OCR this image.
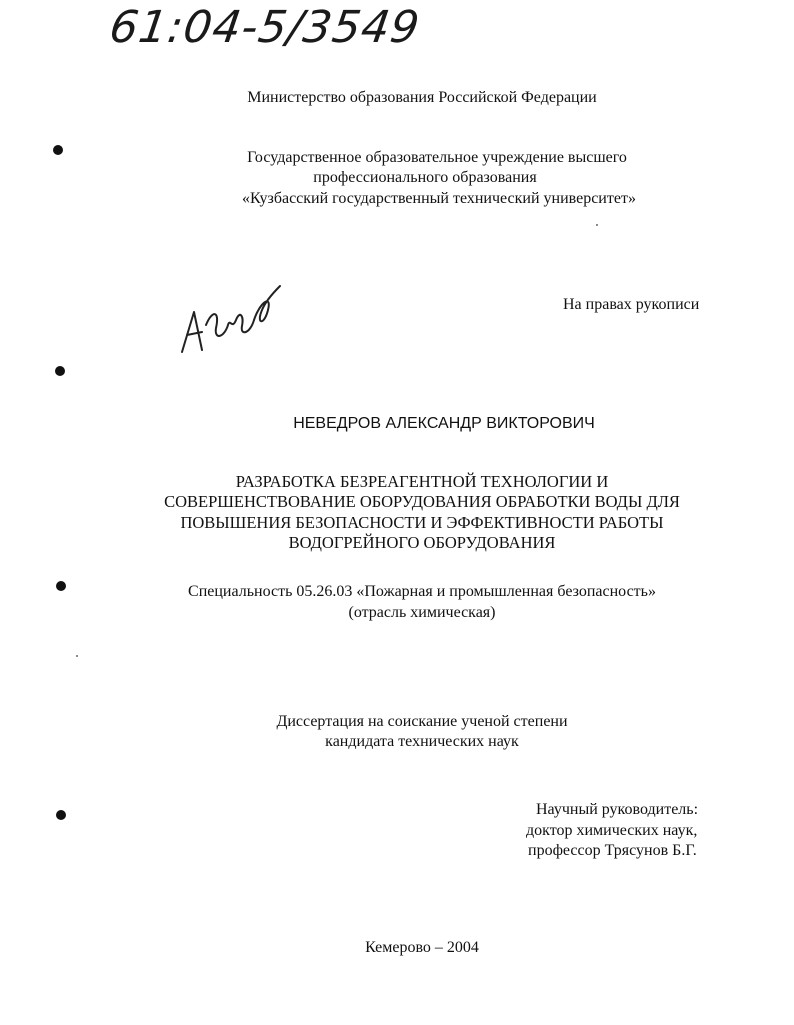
61:04-5/3549
Министерство образования Российской Федерации
Государственное образовательное учреждение высшего
профессионального образования
«Кузбасский государственный технический университет»
На правах рукописи
НЕВЕДРОВ АЛЕКСАНДР ВИКТОРОВИЧ
РАЗРАБОТКА БЕЗРЕАГЕНТНОЙ ТЕХНОЛОГИИ И
СОВЕРШЕНСТВОВАНИЕ ОБОРУДОВАНИЯ ОБРАБОТКИ ВОДЫ ДЛЯ
ПОВЫШЕНИЯ БЕЗОПАСНОСТИ И ЭФФЕКТИВНОСТИ РАБОТЫ
ВОДОГРЕЙНОГО ОБОРУДОВАНИЯ
Специальность 05.26.03 «Пожарная и промышленная безопасность»
(отрасль химическая)
Диссертация на соискание ученой степени
кандидата технических наук
Научный руководитель:
доктор химических наук,
профессор Трясунов Б.Г.
Кемерово – 2004
